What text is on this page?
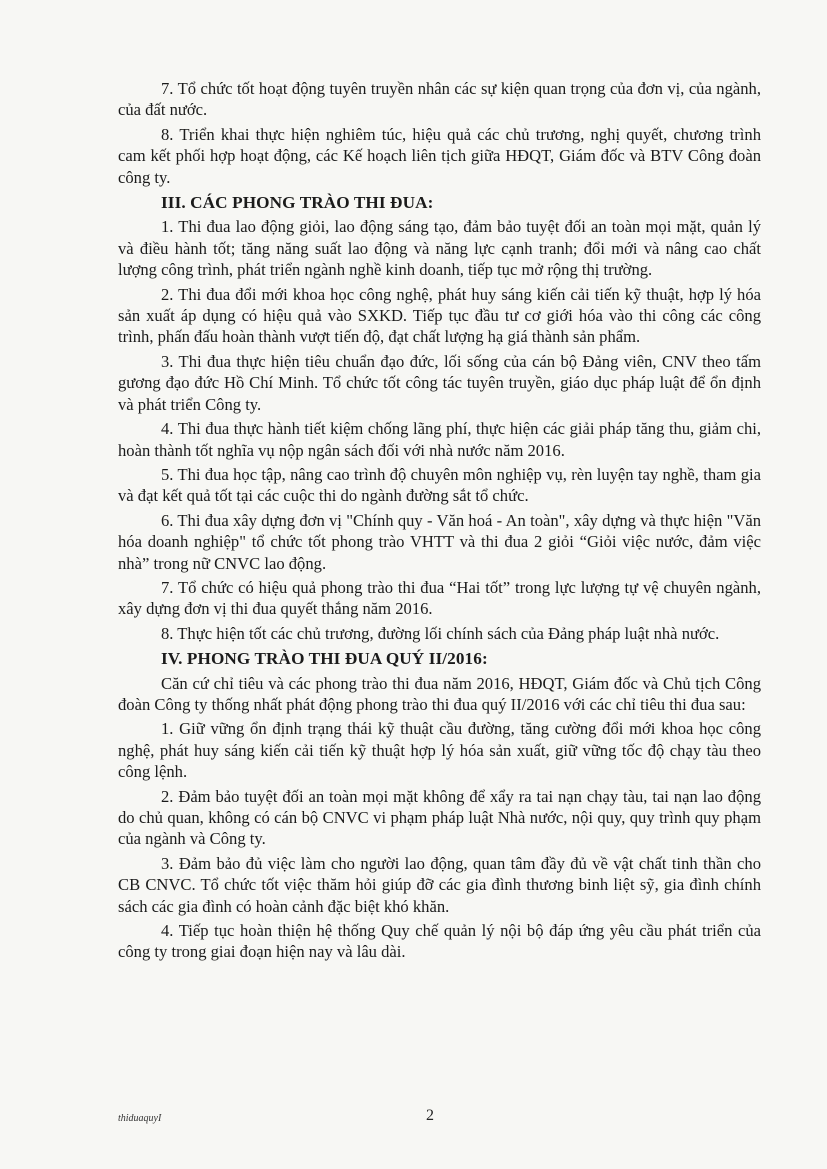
7. Tổ chức tốt hoạt động tuyên truyền nhân các sự kiện quan trọng của đơn vị, của ngành, của đất nước.

8. Triển khai thực hiện nghiêm túc, hiệu quả các chủ trương, nghị quyết, chương trình cam kết phối hợp hoạt động, các Kế hoạch liên tịch giữa HĐQT, Giám đốc và BTV Công đoàn công ty.

III. CÁC PHONG TRÀO THI ĐUA:

1. Thi đua lao động giỏi, lao động sáng tạo, đảm bảo tuyệt đối an toàn mọi mặt, quản lý và điều hành tốt; tăng năng suất lao động và năng lực cạnh tranh; đổi mới và nâng cao chất lượng công trình, phát triển ngành nghề kinh doanh, tiếp tục mở rộng thị trường.

2. Thi đua đổi mới khoa học công nghệ, phát huy sáng kiến cải tiến kỹ thuật, hợp lý hóa sản xuất áp dụng có hiệu quả vào SXKD. Tiếp tục đầu tư cơ giới hóa vào thi công các công trình, phấn đấu hoàn thành vượt tiến độ, đạt chất lượng hạ giá thành sản phẩm.

3. Thi đua thực hiện tiêu chuẩn đạo đức, lối sống của cán bộ Đảng viên, CNV theo tấm gương đạo đức Hồ Chí Minh. Tổ chức tốt công tác tuyên truyền, giáo dục pháp luật để ổn định và phát triển Công ty.

4. Thi đua thực hành tiết kiệm chống lãng phí, thực hiện các giải pháp tăng thu, giảm chi, hoàn thành tốt nghĩa vụ nộp ngân sách đối với nhà nước năm 2016.

5. Thi đua học tập, nâng cao trình độ chuyên môn nghiệp vụ, rèn luyện tay nghề, tham gia và đạt kết quả tốt tại các cuộc thi do ngành đường sắt tổ chức.

6. Thi đua xây dựng đơn vị "Chính quy - Văn hoá - An toàn", xây dựng và thực hiện "Văn hóa doanh nghiệp" tổ chức tốt phong trào VHTT và thi đua 2 giỏi “Giỏi việc nước, đảm việc nhà” trong nữ CNVC lao động.

7. Tổ chức có hiệu quả phong trào thi đua “Hai tốt” trong lực lượng tự vệ chuyên ngành, xây dựng đơn vị thi đua quyết thắng năm 2016.

8. Thực hiện tốt các chủ trương, đường lối chính sách của Đảng pháp luật nhà nước.

IV. PHONG TRÀO THI ĐUA QUÝ II/2016:

Căn cứ chỉ tiêu và các phong trào thi đua năm 2016, HĐQT, Giám đốc và Chủ tịch Công đoàn Công ty thống nhất phát động phong trào thi đua quý II/2016 với các chỉ tiêu thi đua sau:

1. Giữ vững ổn định trạng thái kỹ thuật cầu đường, tăng cường đổi mới khoa học công nghệ, phát huy sáng kiến cải tiến kỹ thuật hợp lý hóa sản xuất, giữ vững tốc độ chạy tàu theo công lệnh.

2. Đảm bảo tuyệt đối an toàn mọi mặt không để xẩy ra tai nạn chạy tàu, tai nạn lao động do chủ quan, không có cán bộ CNVC vi phạm pháp luật Nhà nước, nội quy, quy trình quy phạm của ngành và Công ty.

3. Đảm bảo đủ việc làm cho người lao động, quan tâm đầy đủ về vật chất tinh thần cho CB CNVC. Tổ chức tốt việc thăm hỏi giúp đỡ các gia đình thương binh liệt sỹ, gia đình chính sách các gia đình có hoàn cảnh đặc biệt khó khăn.

4. Tiếp tục hoàn thiện hệ thống Quy chế quản lý nội bộ đáp ứng yêu cầu phát triển của công ty trong giai đoạn hiện nay và lâu dài.

thiduaquyI	2
